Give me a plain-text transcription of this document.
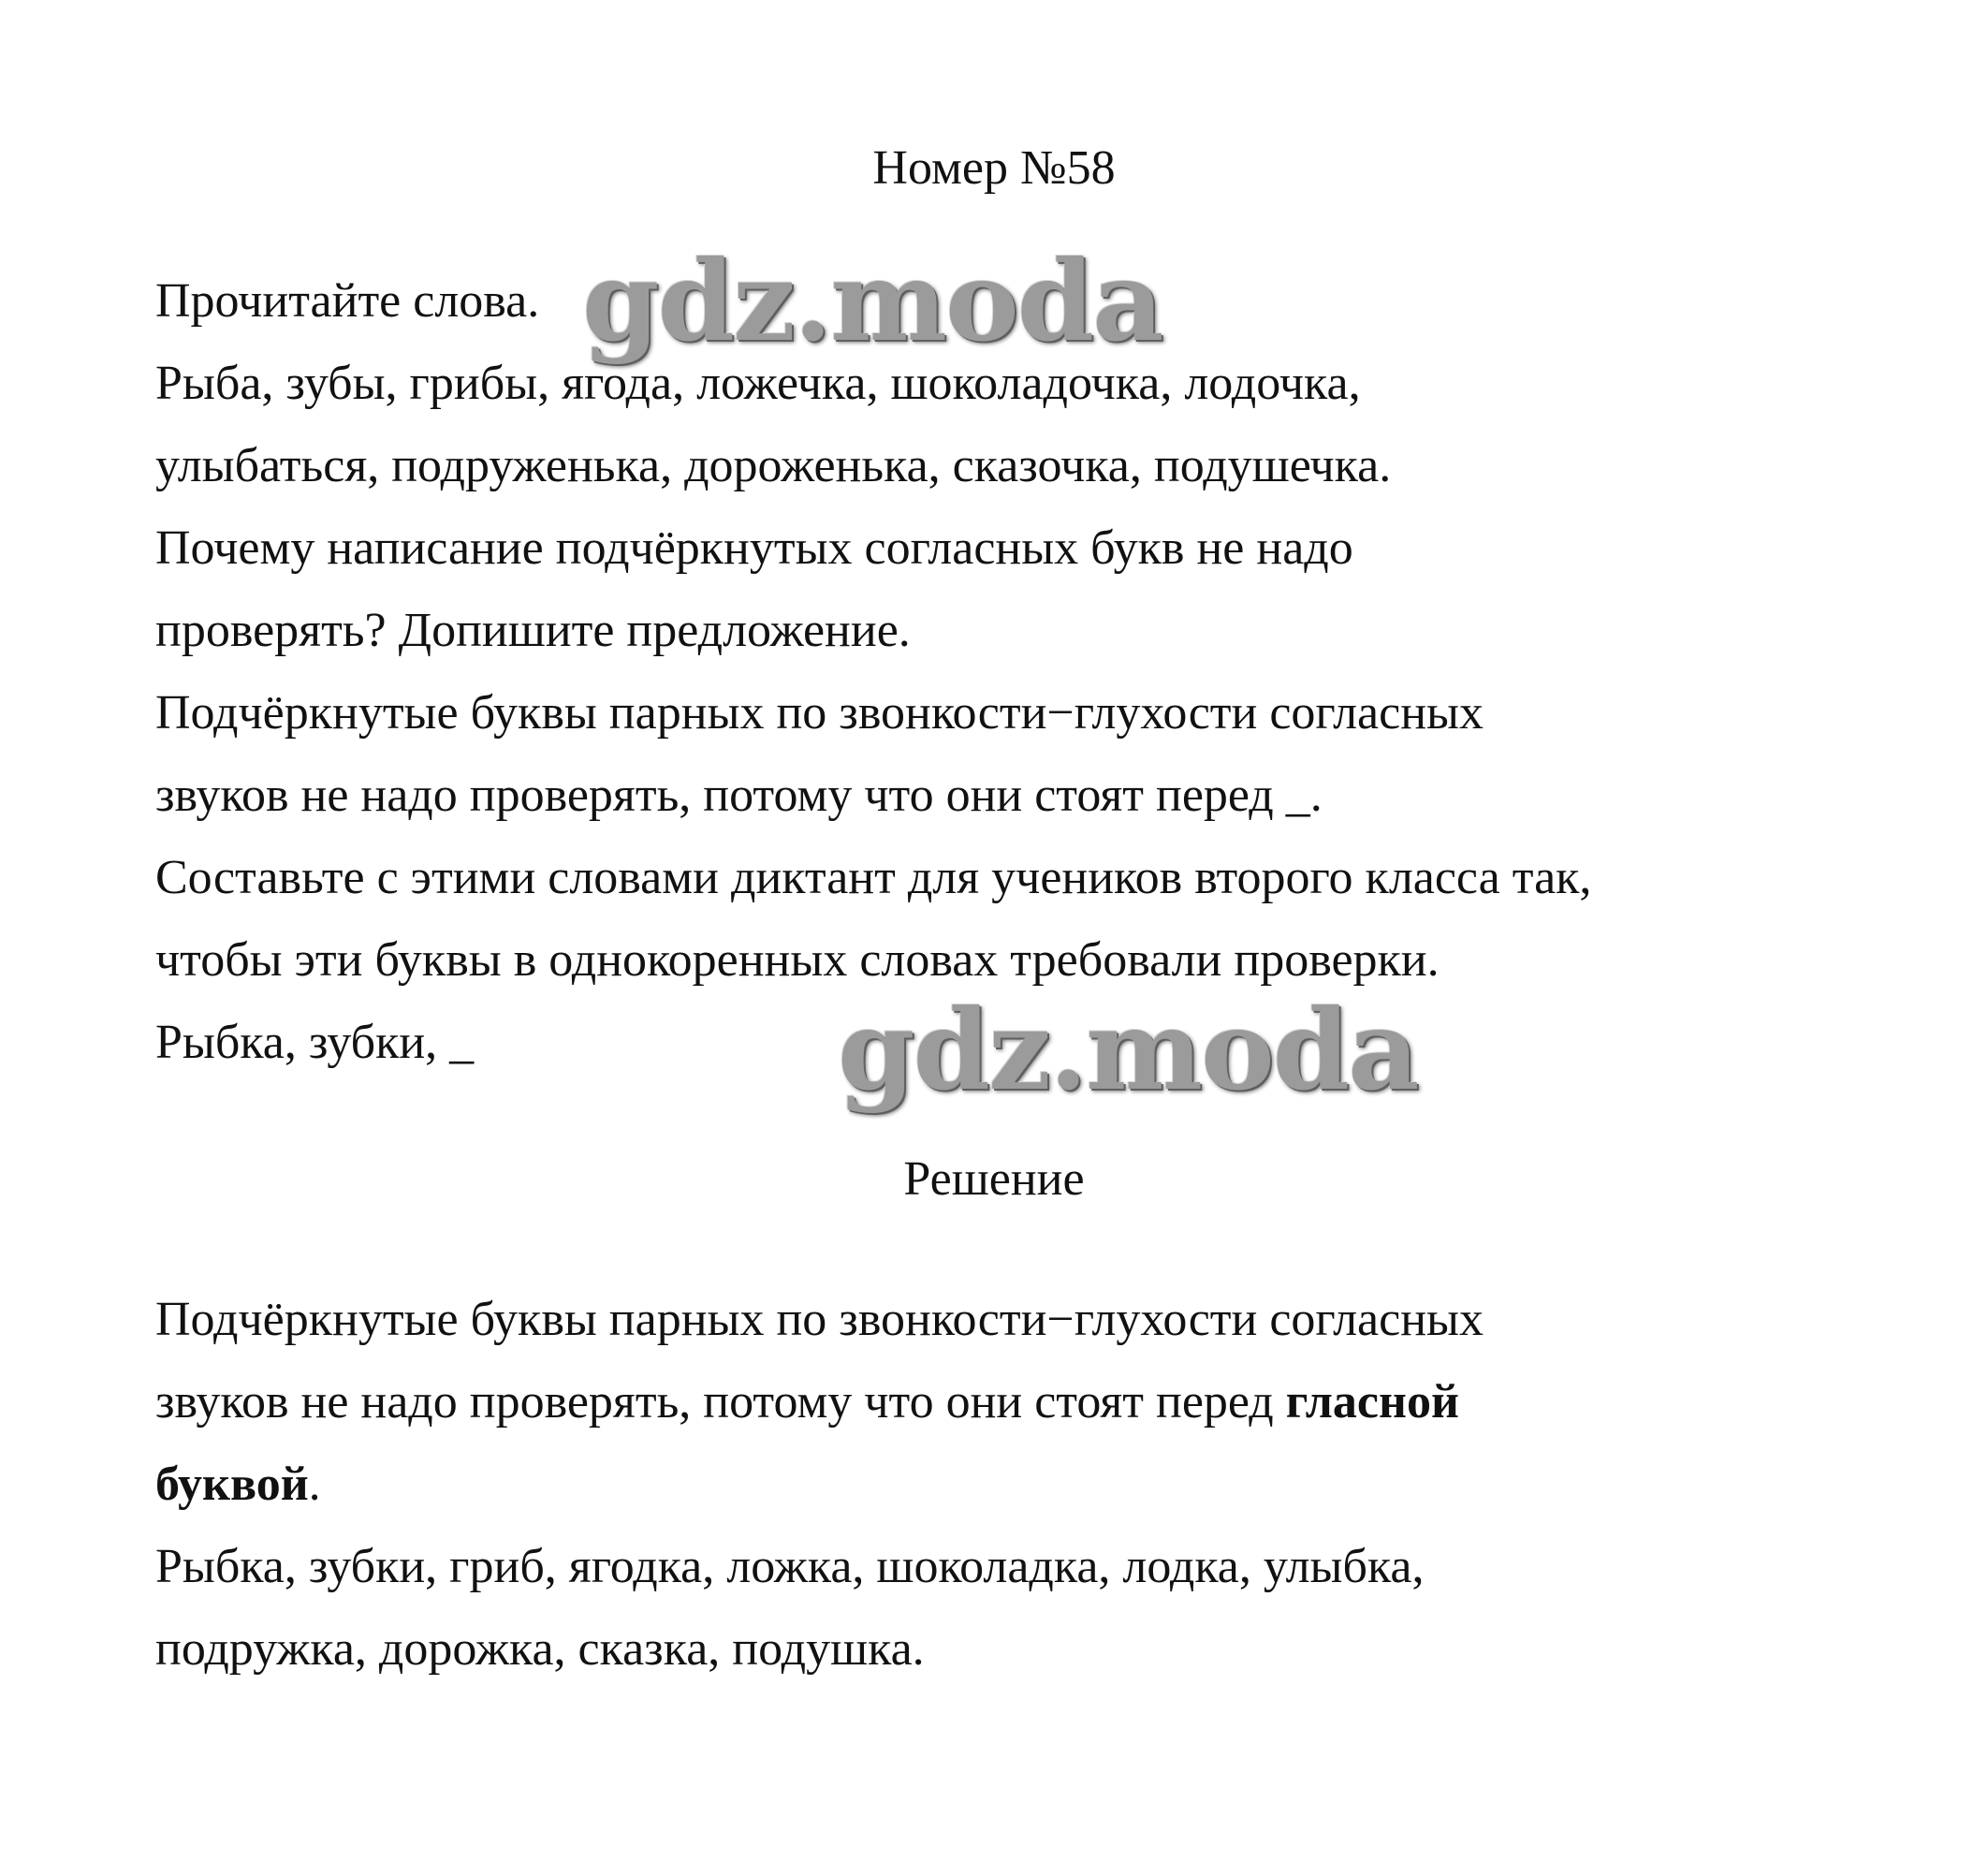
Номер №58

Прочитайте слова.

Рыба, зубы, грибы, ягода, ложечка, шоколадочка, лодочка,

улыбаться, подруженька, дороженька, сказочка, подушечка.

Почему написание подчёркнутых согласных букв не надо

проверять? Допишите предложение.

Подчёркнутые буквы парных по звонкости−глухости согласных

звуков не надо проверять, потому что они стоят перед _.

Составьте с этими словами диктант для учеников второго класса так,

чтобы эти буквы в однокоренных словах требовали проверки.

Рыбка, зубки, _

Решение

Подчёркнутые буквы парных по звонкости−глухости согласных

звуков не надо проверять, потому что они стоят перед гласной

буквой.

Рыбка, зубки, гриб, ягодка, ложка, шоколадка, лодка, улыбка,

подружка, дорожка, сказка, подушка.

gdz.moda
gdz.moda
